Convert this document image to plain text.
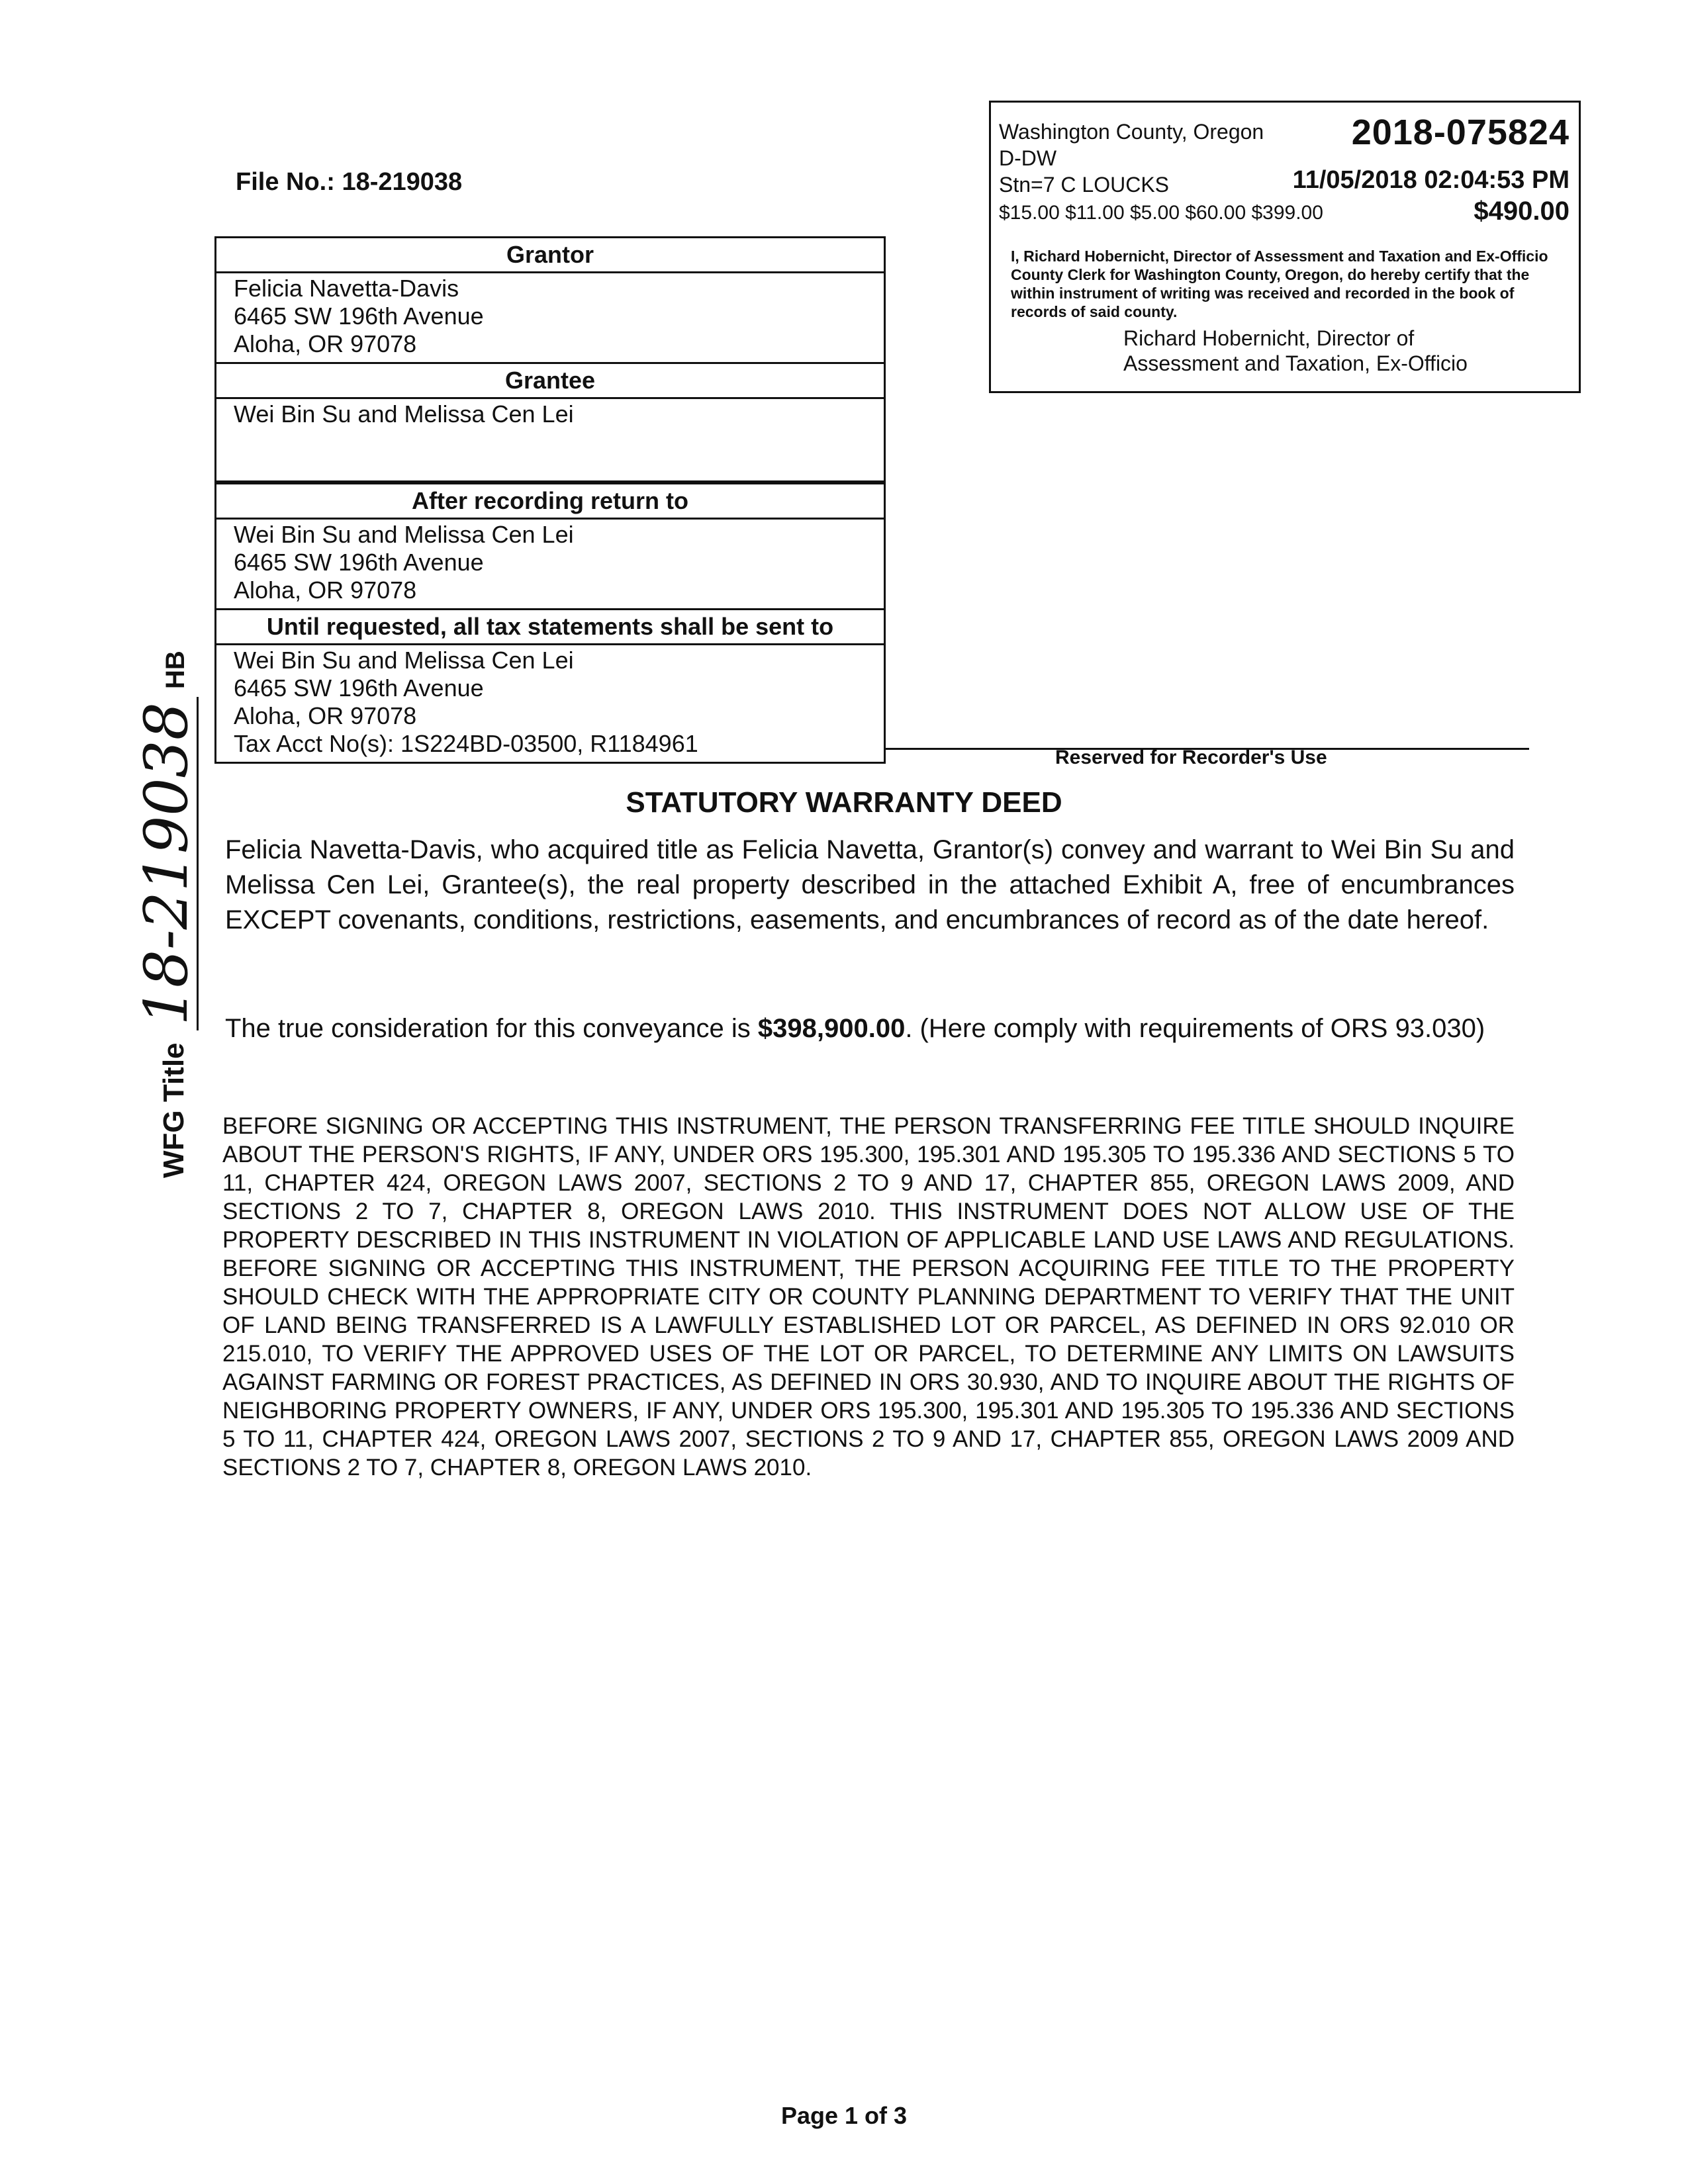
File No.: 18-219038
Grantor
Felicia Navetta-Davis
6465 SW 196th Avenue
Aloha, OR 97078
Grantee
Wei Bin Su and Melissa Cen Lei
After recording return to
Wei Bin Su and Melissa Cen Lei
6465 SW 196th Avenue
Aloha, OR 97078
Until requested, all tax statements shall be sent to
Wei Bin Su and Melissa Cen Lei
6465 SW 196th Avenue
Aloha, OR 97078
Tax Acct No(s): 1S224BD-03500, R1184961
Washington County, Oregon 2018-075824
D-DW
Stn=7 C LOUCKS	11/05/2018 02:04:53 PM
$15.00 $11.00 $5.00 $60.00 $399.00	$490.00
I, Richard Hobernicht, Director of Assessment and Taxation and Ex-Officio County Clerk for Washington County, Oregon, do hereby certify that the within instrument of writing was received and recorded in the book of records of said county.
Richard Hobernicht, Director of
Assessment and Taxation, Ex-Officio
Reserved for Recorder's Use
STATUTORY WARRANTY DEED
Felicia Navetta-Davis, who acquired title as Felicia Navetta, Grantor(s) convey and warrant to Wei Bin Su and Melissa Cen Lei, Grantee(s), the real property described in the attached Exhibit A, free of encumbrances EXCEPT covenants, conditions, restrictions, easements, and encumbrances of record as of the date hereof.
The true consideration for this conveyance is $398,900.00. (Here comply with requirements of ORS 93.030)
BEFORE SIGNING OR ACCEPTING THIS INSTRUMENT, THE PERSON TRANSFERRING FEE TITLE SHOULD INQUIRE ABOUT THE PERSON'S RIGHTS, IF ANY, UNDER ORS 195.300, 195.301 AND 195.305 TO 195.336 AND SECTIONS 5 TO 11, CHAPTER 424, OREGON LAWS 2007, SECTIONS 2 TO 9 AND 17, CHAPTER 855, OREGON LAWS 2009, AND SECTIONS 2 TO 7, CHAPTER 8, OREGON LAWS 2010. THIS INSTRUMENT DOES NOT ALLOW USE OF THE PROPERTY DESCRIBED IN THIS INSTRUMENT IN VIOLATION OF APPLICABLE LAND USE LAWS AND REGULATIONS. BEFORE SIGNING OR ACCEPTING THIS INSTRUMENT, THE PERSON ACQUIRING FEE TITLE TO THE PROPERTY SHOULD CHECK WITH THE APPROPRIATE CITY OR COUNTY PLANNING DEPARTMENT TO VERIFY THAT THE UNIT OF LAND BEING TRANSFERRED IS A LAWFULLY ESTABLISHED LOT OR PARCEL, AS DEFINED IN ORS 92.010 OR 215.010, TO VERIFY THE APPROVED USES OF THE LOT OR PARCEL, TO DETERMINE ANY LIMITS ON LAWSUITS AGAINST FARMING OR FOREST PRACTICES, AS DEFINED IN ORS 30.930, AND TO INQUIRE ABOUT THE RIGHTS OF NEIGHBORING PROPERTY OWNERS, IF ANY, UNDER ORS 195.300, 195.301 AND 195.305 TO 195.336 AND SECTIONS 5 TO 11, CHAPTER 424, OREGON LAWS 2007, SECTIONS 2 TO 9 AND 17, CHAPTER 855, OREGON LAWS 2009 AND SECTIONS 2 TO 7, CHAPTER 8, OREGON LAWS 2010.
WFG Title
18-219038
HB
Page 1 of 3
